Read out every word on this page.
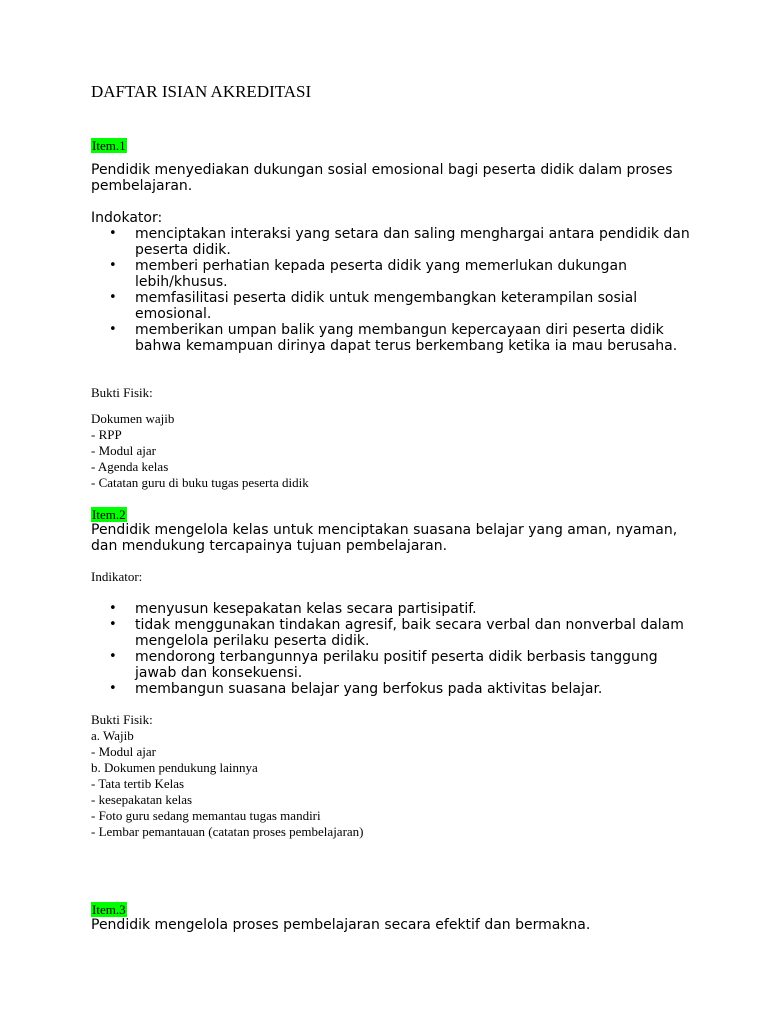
DAFTAR ISIAN AKREDITASI
Item.1

Pendidik menyediakan dukungan sosial emosional bagi peserta didik dalam proses pembelajaran.

Indokator:

• menciptakan interaksi yang setara dan saling menghargai antara pendidik dan peserta didik.
• memberi perhatian kepada peserta didik yang memerlukan dukungan lebih/khusus.
• memfasilitasi peserta didik untuk mengembangkan keterampilan sosial emosional.
• memberikan umpan balik yang membangun kepercayaan diri peserta didik bahwa kemampuan dirinya dapat terus berkembang ketika ia mau berusaha.

Bukti Fisik:

Dokumen wajib
- RPP
- Modul ajar
- Agenda kelas
- Catatan guru di buku tugas peserta didik
Item.2

Pendidik mengelola kelas untuk menciptakan suasana belajar yang aman, nyaman, dan mendukung tercapainya tujuan pembelajaran.

Indikator:

• menyusun kesepakatan kelas secara partisipatif.
• tidak menggunakan tindakan agresif, baik secara verbal dan nonverbal dalam mengelola perilaku peserta didik.
• mendorong terbangunnya perilaku positif peserta didik berbasis tanggung jawab dan konsekuensi.
• membangun suasana belajar yang berfokus pada aktivitas belajar.

Bukti Fisik:

a. Wajib
- Modul ajar
b. Dokumen pendukung lainnya
- Tata tertib Kelas
- kesepakatan kelas
- Foto guru sedang memantau tugas mandiri
- Lembar pemantauan (catatan proses pembelajaran)
Item.3

Pendidik mengelola proses pembelajaran secara efektif dan bermakna.
